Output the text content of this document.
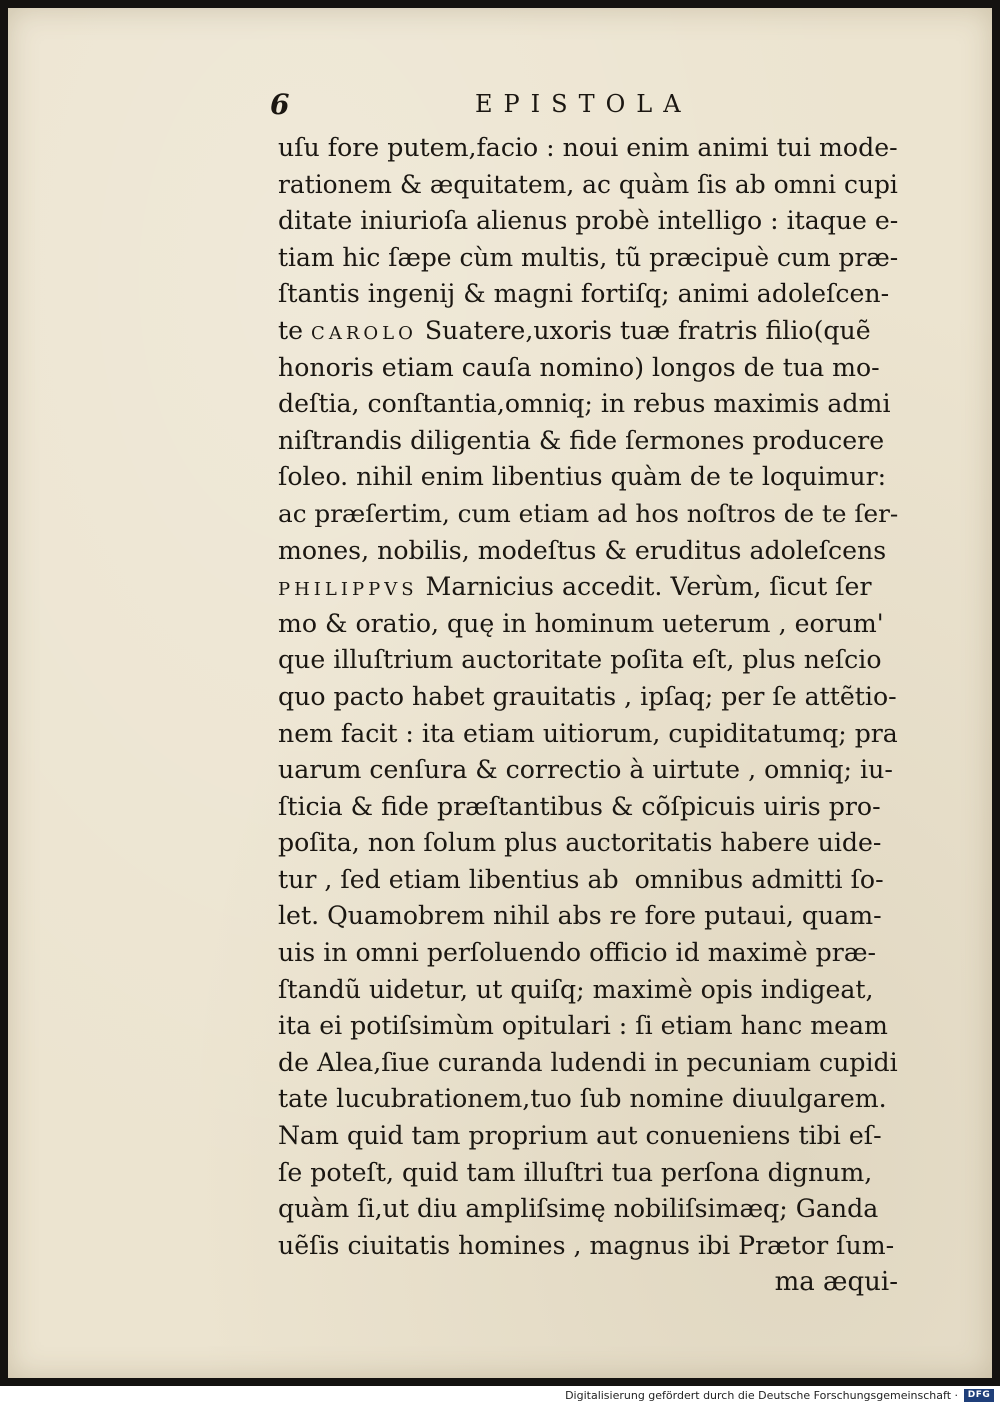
6	EPISTOLA
uſu fore putem,facio : noui enim animi tui mode-
rationem & æquitatem, ac quàm ſis ab omni cupi
ditate iniurioſa alienus probè intelligo : itaque e-
tiam hic ſæpe cùm multis, tũ præcipuè cum præ-
ſtantis ingenij & magni fortiſq; animi adoleſcen-
te CAROLO Suatere,uxoris tuæ fratris filio(quẽ
honoris etiam cauſa nomino) longos de tua mo-
deſtia, conſtantia,omniq; in rebus maximis admi
niſtrandis diligentia & fide ſermones producere
ſoleo. nihil enim libentius quàm de te loquimur:
ac præſertim, cum etiam ad hos noſtros de te ſer-
mones, nobilis, modeſtus & eruditus adoleſcens
PHILIPPVS Marnicius accedit. Verùm, ſicut ſer
mo & oratio, quę in hominum ueterum , eorum'
que illuſtrium auctoritate poſita eſt, plus neſcio
quo pacto habet grauitatis , ipſaq; per ſe attẽtio-
nem facit : ita etiam uitiorum, cupiditatumq; pra
uarum cenſura & correctio à uirtute , omniq; iu-
ſticia & fide præſtantibus & cõſpicuis uiris pro-
poſita, non ſolum plus auctoritatis habere uide-
tur , ſed etiam libentius ab  omnibus admitti ſo-
let. Quamobrem nihil abs re fore putaui, quam-
uis in omni perſoluendo officio id maximè præ-
ſtandũ uidetur, ut quiſq; maximè opis indigeat,
ita ei potiſsimùm opitulari : ſi etiam hanc meam
de Alea,ſiue curanda ludendi in pecuniam cupidi
tate lucubrationem,tuo ſub nomine diuulgarem.
Nam quid tam proprium aut conueniens tibi eſ-
ſe poteſt, quid tam illuſtri tua perſona dignum,
quàm ſi,ut diu ampliſsimę nobiliſsimæq; Ganda
uẽſis ciuitatis homines , magnus ibi Prætor ſum-
ma æqui-
Digitalisierung gefördert durch die Deutsche Forschungsgemeinschaft ·	DFG
